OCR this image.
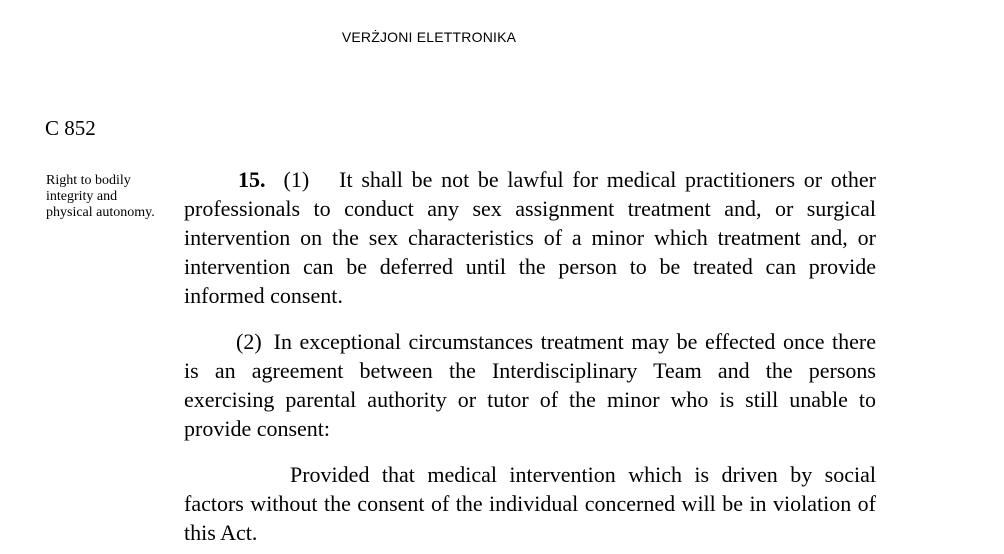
VERŻJONI ELETTRONIKA
C 852
Right to bodily integrity and physical autonomy.

15. (1) It shall be not be lawful for medical practitioners or other professionals to conduct any sex assignment treatment and, or surgical intervention on the sex characteristics of a minor which treatment and, or intervention can be deferred until the person to be treated can provide informed consent.

(2) In exceptional circumstances treatment may be effected once there is an agreement between the Interdisciplinary Team and the persons exercising parental authority or tutor of the minor who is still unable to provide consent:

Provided that medical intervention which is driven by social factors without the consent of the individual concerned will be in violation of this Act.
